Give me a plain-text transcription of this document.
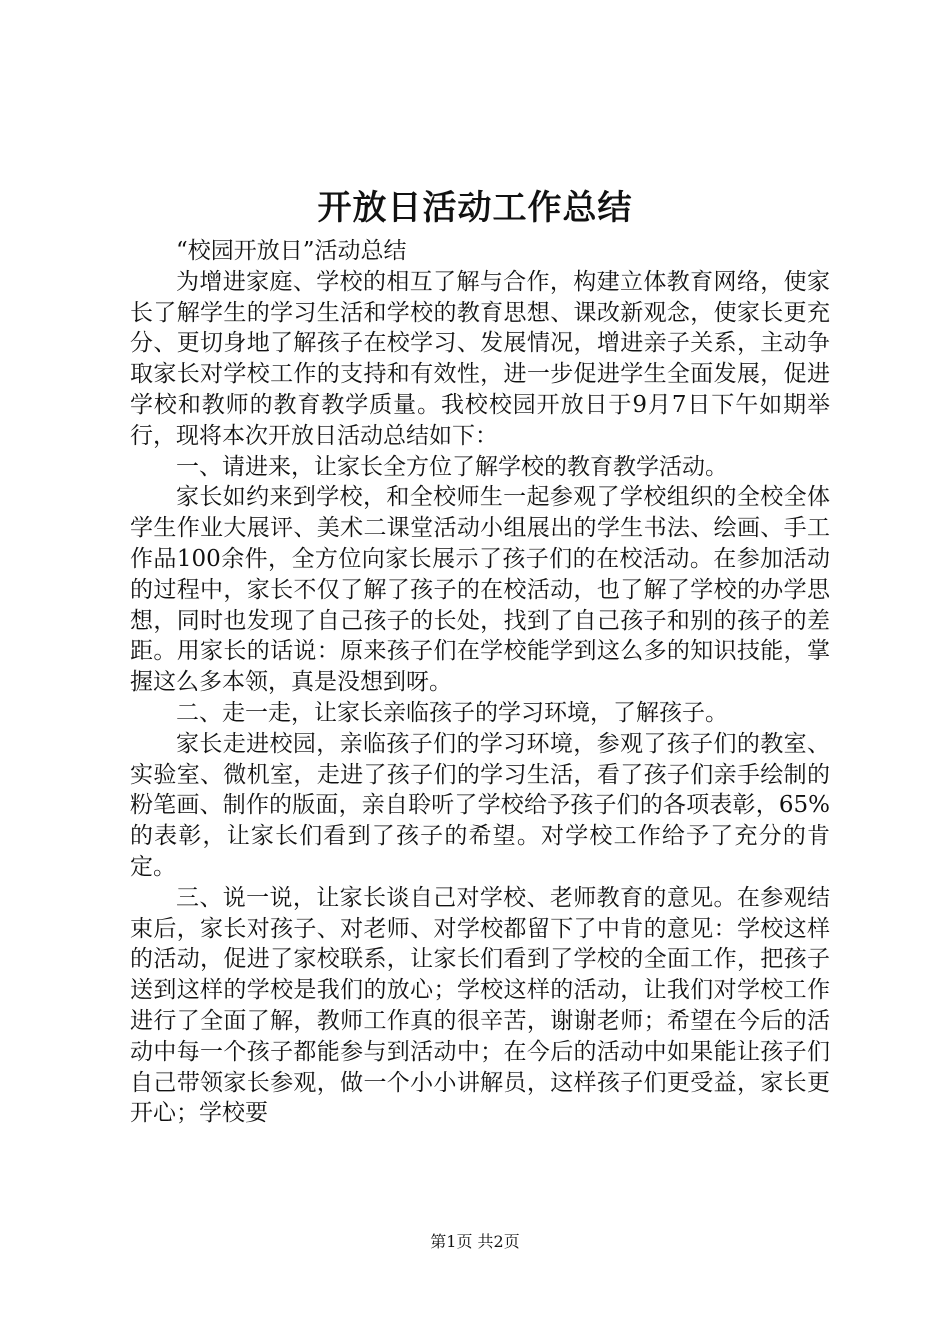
开放日活动工作总结

“校园开放日”活动总结

为增进家庭、学校的相互了解与合作，构建立体教育网络，使家长了解学生的学习生活和学校的教育思想、课改新观念，使家长更充分、更切身地了解孩子在校学习、发展情况，增进亲子关系，主动争取家长对学校工作的支持和有效性，进一步促进学生全面发展，促进学校和教师的教育教学质量。我校校园开放日于9月7日下午如期举行，现将本次开放日活动总结如下：

一、请进来，让家长全方位了解学校的教育教学活动。

家长如约来到学校，和全校师生一起参观了学校组织的全校全体学生作业大展评、美术二课堂活动小组展出的学生书法、绘画、手工作品100余件，全方位向家长展示了孩子们的在校活动。在参加活动的过程中，家长不仅了解了孩子的在校活动，也了解了学校的办学思想，同时也发现了自己孩子的长处，找到了自己孩子和别的孩子的差距。用家长的话说：原来孩子们在学校能学到这么多的知识技能，掌握这么多本领，真是没想到呀。

二、走一走，让家长亲临孩子的学习环境，了解孩子。

家长走进校园，亲临孩子们的学习环境，参观了孩子们的教室、实验室、微机室，走进了孩子们的学习生活，看了孩子们亲手绘制的粉笔画、制作的版面，亲自聆听了学校给予孩子们的各项表彰，65%的表彰，让家长们看到了孩子的希望。对学校工作给予了充分的肯定。

三、说一说，让家长谈自己对学校、老师教育的意见。在参观结束后，家长对孩子、对老师、对学校都留下了中肯的意见：学校这样的活动，促进了家校联系，让家长们看到了学校的全面工作，把孩子送到这样的学校是我们的放心；学校这样的活动，让我们对学校工作进行了全面了解，教师工作真的很辛苦，谢谢老师；希望在今后的活动中每一个孩子都能参与到活动中；在今后的活动中如果能让孩子们自己带领家长参观，做一个小小讲解员，这样孩子们更受益，家长更开心；学校要

第1页 共2页
